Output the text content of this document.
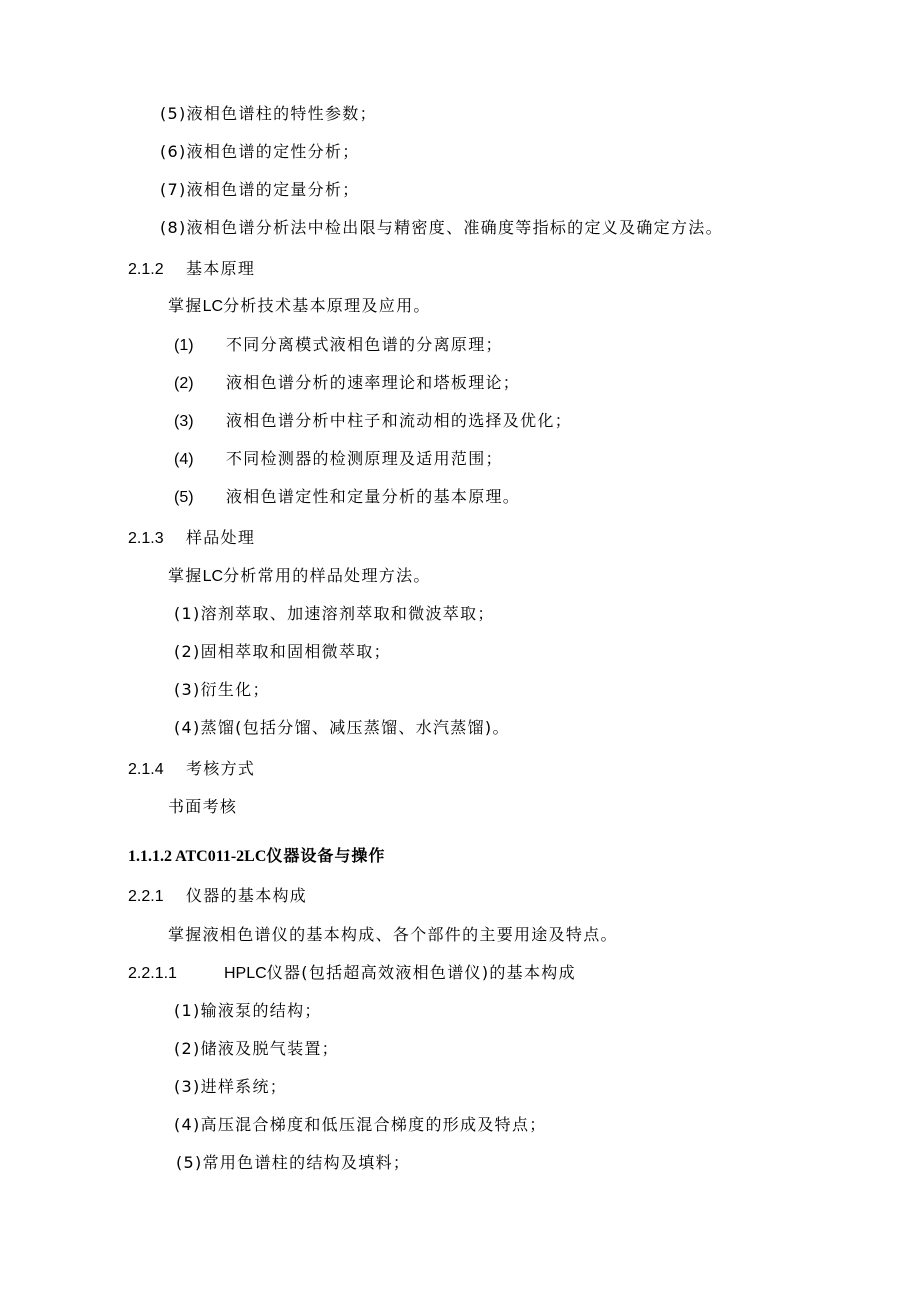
(5)液相色谱柱的特性参数；
(6)液相色谱的定性分析；
(7)液相色谱的定量分析；
(8)液相色谱分析法中检出限与精密度、准确度等指标的定义及确定方法。
2.1.2 基本原理
掌握LC分析技术基本原理及应用。
(1) 不同分离模式液相色谱的分离原理；
(2) 液相色谱分析的速率理论和塔板理论；
(3) 液相色谱分析中柱子和流动相的选择及优化；
(4) 不同检测器的检测原理及适用范围；
(5) 液相色谱定性和定量分析的基本原理。
2.1.3 样品处理
掌握LC分析常用的样品处理方法。
(1)溶剂萃取、加速溶剂萃取和微波萃取；
(2)固相萃取和固相微萃取；
(3)衍生化；
(4)蒸馏(包括分馏、减压蒸馏、水汽蒸馏)。
2.1.4 考核方式
书面考核
1.1.1.2 ATC011-2LC仪器设备与操作
2.2.1 仪器的基本构成
掌握液相色谱仪的基本构成、各个部件的主要用途及特点。
2.2.1.1	HPLC仪器(包括超高效液相色谱仪)的基本构成
(1)输液泵的结构；
(2)储液及脱气装置；
(3)进样系统；
(4)高压混合梯度和低压混合梯度的形成及特点；
(5)常用色谱柱的结构及填料；
